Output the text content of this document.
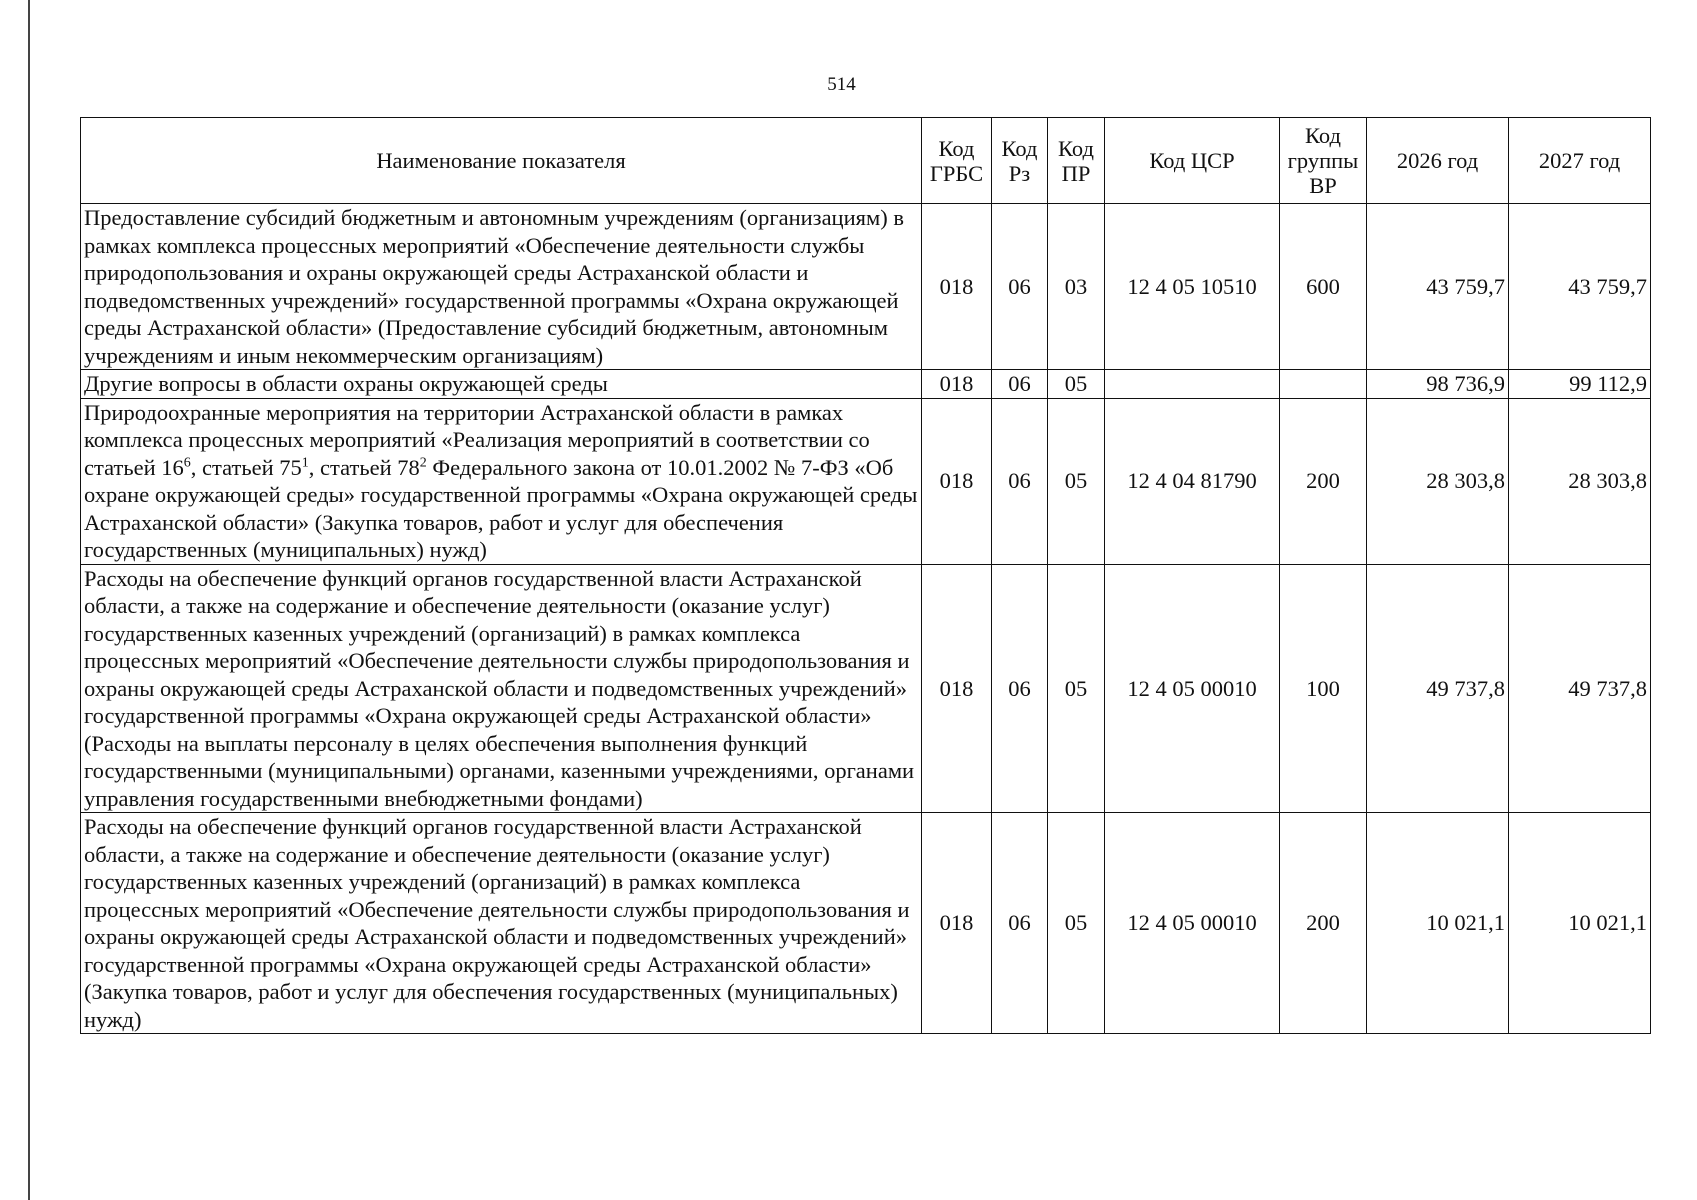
514
Наименование показателя	Код ГРБС	Код Рз	Код ПР	Код ЦСР	Код группы ВР	2026 год	2027 год
Предоставление субсидий бюджетным и автономным учреждениям (организациям) в рамках комплекса процессных мероприятий «Обеспечение деятельности службы природопользования и охраны окружающей среды Астраханской области и подведомственных учреждений» государственной программы «Охрана окружающей среды Астраханской области» (Предоставление субсидий бюджетным, автономным учреждениям и иным некоммерческим организациям)	018	06	03	12 4 05 10510	600	43 759,7	43 759,7
Другие вопросы в области охраны окружающей среды	018	06	05			98 736,9	99 112,9
Природоохранные мероприятия на территории Астраханской области в рамках комплекса процессных мероприятий «Реализация мероприятий в соответствии со статьей $16^6$, статьей $75^1$, статьей $78^2$ Федерального закона от 10.01.2002 № 7-ФЗ «Об охране окружающей среды» государственной программы «Охрана окружающей среды Астраханской области» (Закупка товаров, работ и услуг для обеспечения государственных (муниципальных) нужд)	018	06	05	12 4 04 81790	200	28 303,8	28 303,8
Расходы на обеспечение функций органов государственной власти Астраханской области, а также на содержание и обеспечение деятельности (оказание услуг) государственных казенных учреждений (организаций) в рамках комплекса процессных мероприятий «Обеспечение деятельности службы природопользования и охраны окружающей среды Астраханской области и подведомственных учреждений» государственной программы «Охрана окружающей среды Астраханской области» (Расходы на выплаты персоналу в целях обеспечения выполнения функций государственными (муниципальными) органами, казенными учреждениями, органами управления государственными внебюджетными фондами)	018	06	05	12 4 05 00010	100	49 737,8	49 737,8
Расходы на обеспечение функций органов государственной власти Астраханской области, а также на содержание и обеспечение деятельности (оказание услуг) государственных казенных учреждений (организаций) в рамках комплекса процессных мероприятий «Обеспечение деятельности службы природопользования и охраны окружающей среды Астраханской области и подведомственных учреждений» государственной программы «Охрана окружающей среды Астраханской области» (Закупка товаров, работ и услуг для обеспечения государственных (муниципальных) нужд)	018	06	05	12 4 05 00010	200	10 021,1	10 021,1
